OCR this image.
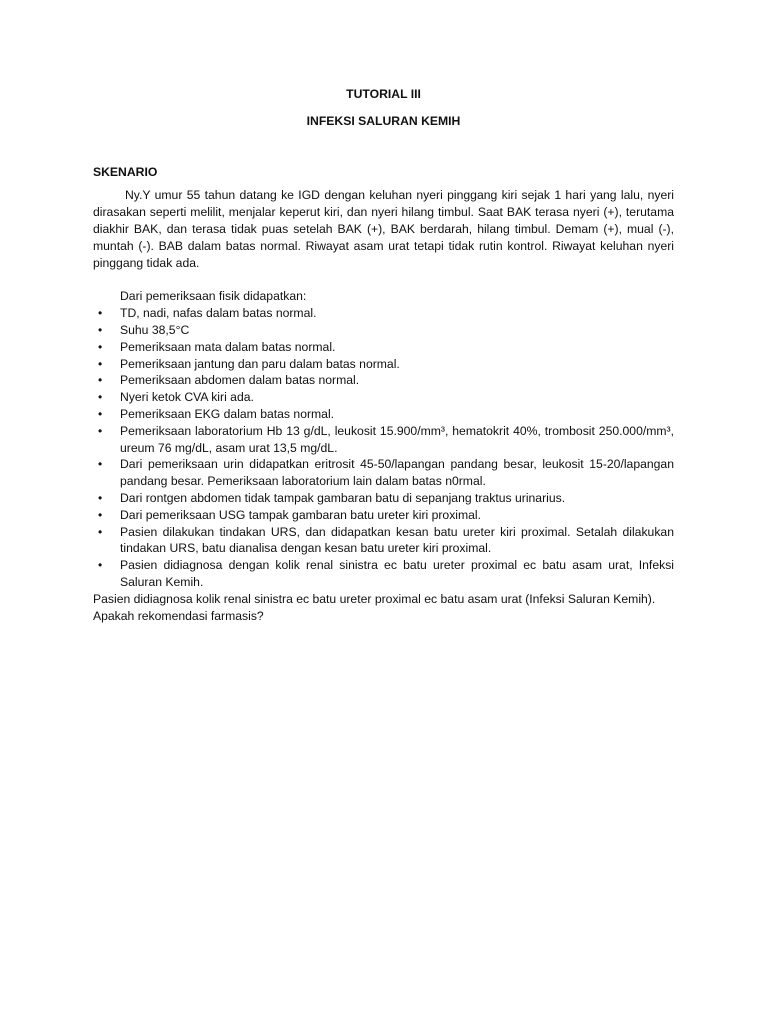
TUTORIAL III

INFEKSI SALURAN KEMIH

SKENARIO

Ny.Y umur 55 tahun datang ke IGD dengan keluhan nyeri pinggang kiri sejak 1 hari yang lalu, nyeri dirasakan seperti melilit, menjalar keperut kiri, dan nyeri hilang timbul. Saat BAK terasa nyeri (+), terutama diakhir BAK, dan terasa tidak puas setelah BAK (+), BAK berdarah, hilang timbul. Demam (+), mual (-), muntah (-). BAB dalam batas normal. Riwayat asam urat tetapi tidak rutin kontrol. Riwayat keluhan nyeri pinggang tidak ada.

Dari pemeriksaan fisik didapatkan:

• TD, nadi, nafas dalam batas normal.
• Suhu 38,5°C
• Pemeriksaan mata dalam batas normal.
• Pemeriksaan jantung dan paru dalam batas normal.
• Pemeriksaan abdomen dalam batas normal.
• Nyeri ketok CVA kiri ada.
• Pemeriksaan EKG dalam batas normal.
• Pemeriksaan laboratorium Hb 13 g/dL, leukosit 15.900/mm³, hematokrit 40%, trombosit 250.000/mm³, ureum 76 mg/dL, asam urat 13,5 mg/dL.
• Dari pemeriksaan urin didapatkan eritrosit 45-50/lapangan pandang besar, leukosit 15-20/lapangan pandang besar. Pemeriksaan laboratorium lain dalam batas n0rmal.
• Dari rontgen abdomen tidak tampak gambaran batu di sepanjang traktus urinarius.
• Dari pemeriksaan USG tampak gambaran batu ureter kiri proximal.
• Pasien dilakukan tindakan URS, dan didapatkan kesan batu ureter kiri proximal. Setalah dilakukan tindakan URS, batu dianalisa dengan kesan batu ureter kiri proximal.
• Pasien didiagnosa dengan kolik renal sinistra ec batu ureter proximal ec batu asam urat, Infeksi Saluran Kemih.

Pasien didiagnosa kolik renal sinistra ec batu ureter proximal ec batu asam urat (Infeksi Saluran Kemih).

Apakah rekomendasi farmasis?
